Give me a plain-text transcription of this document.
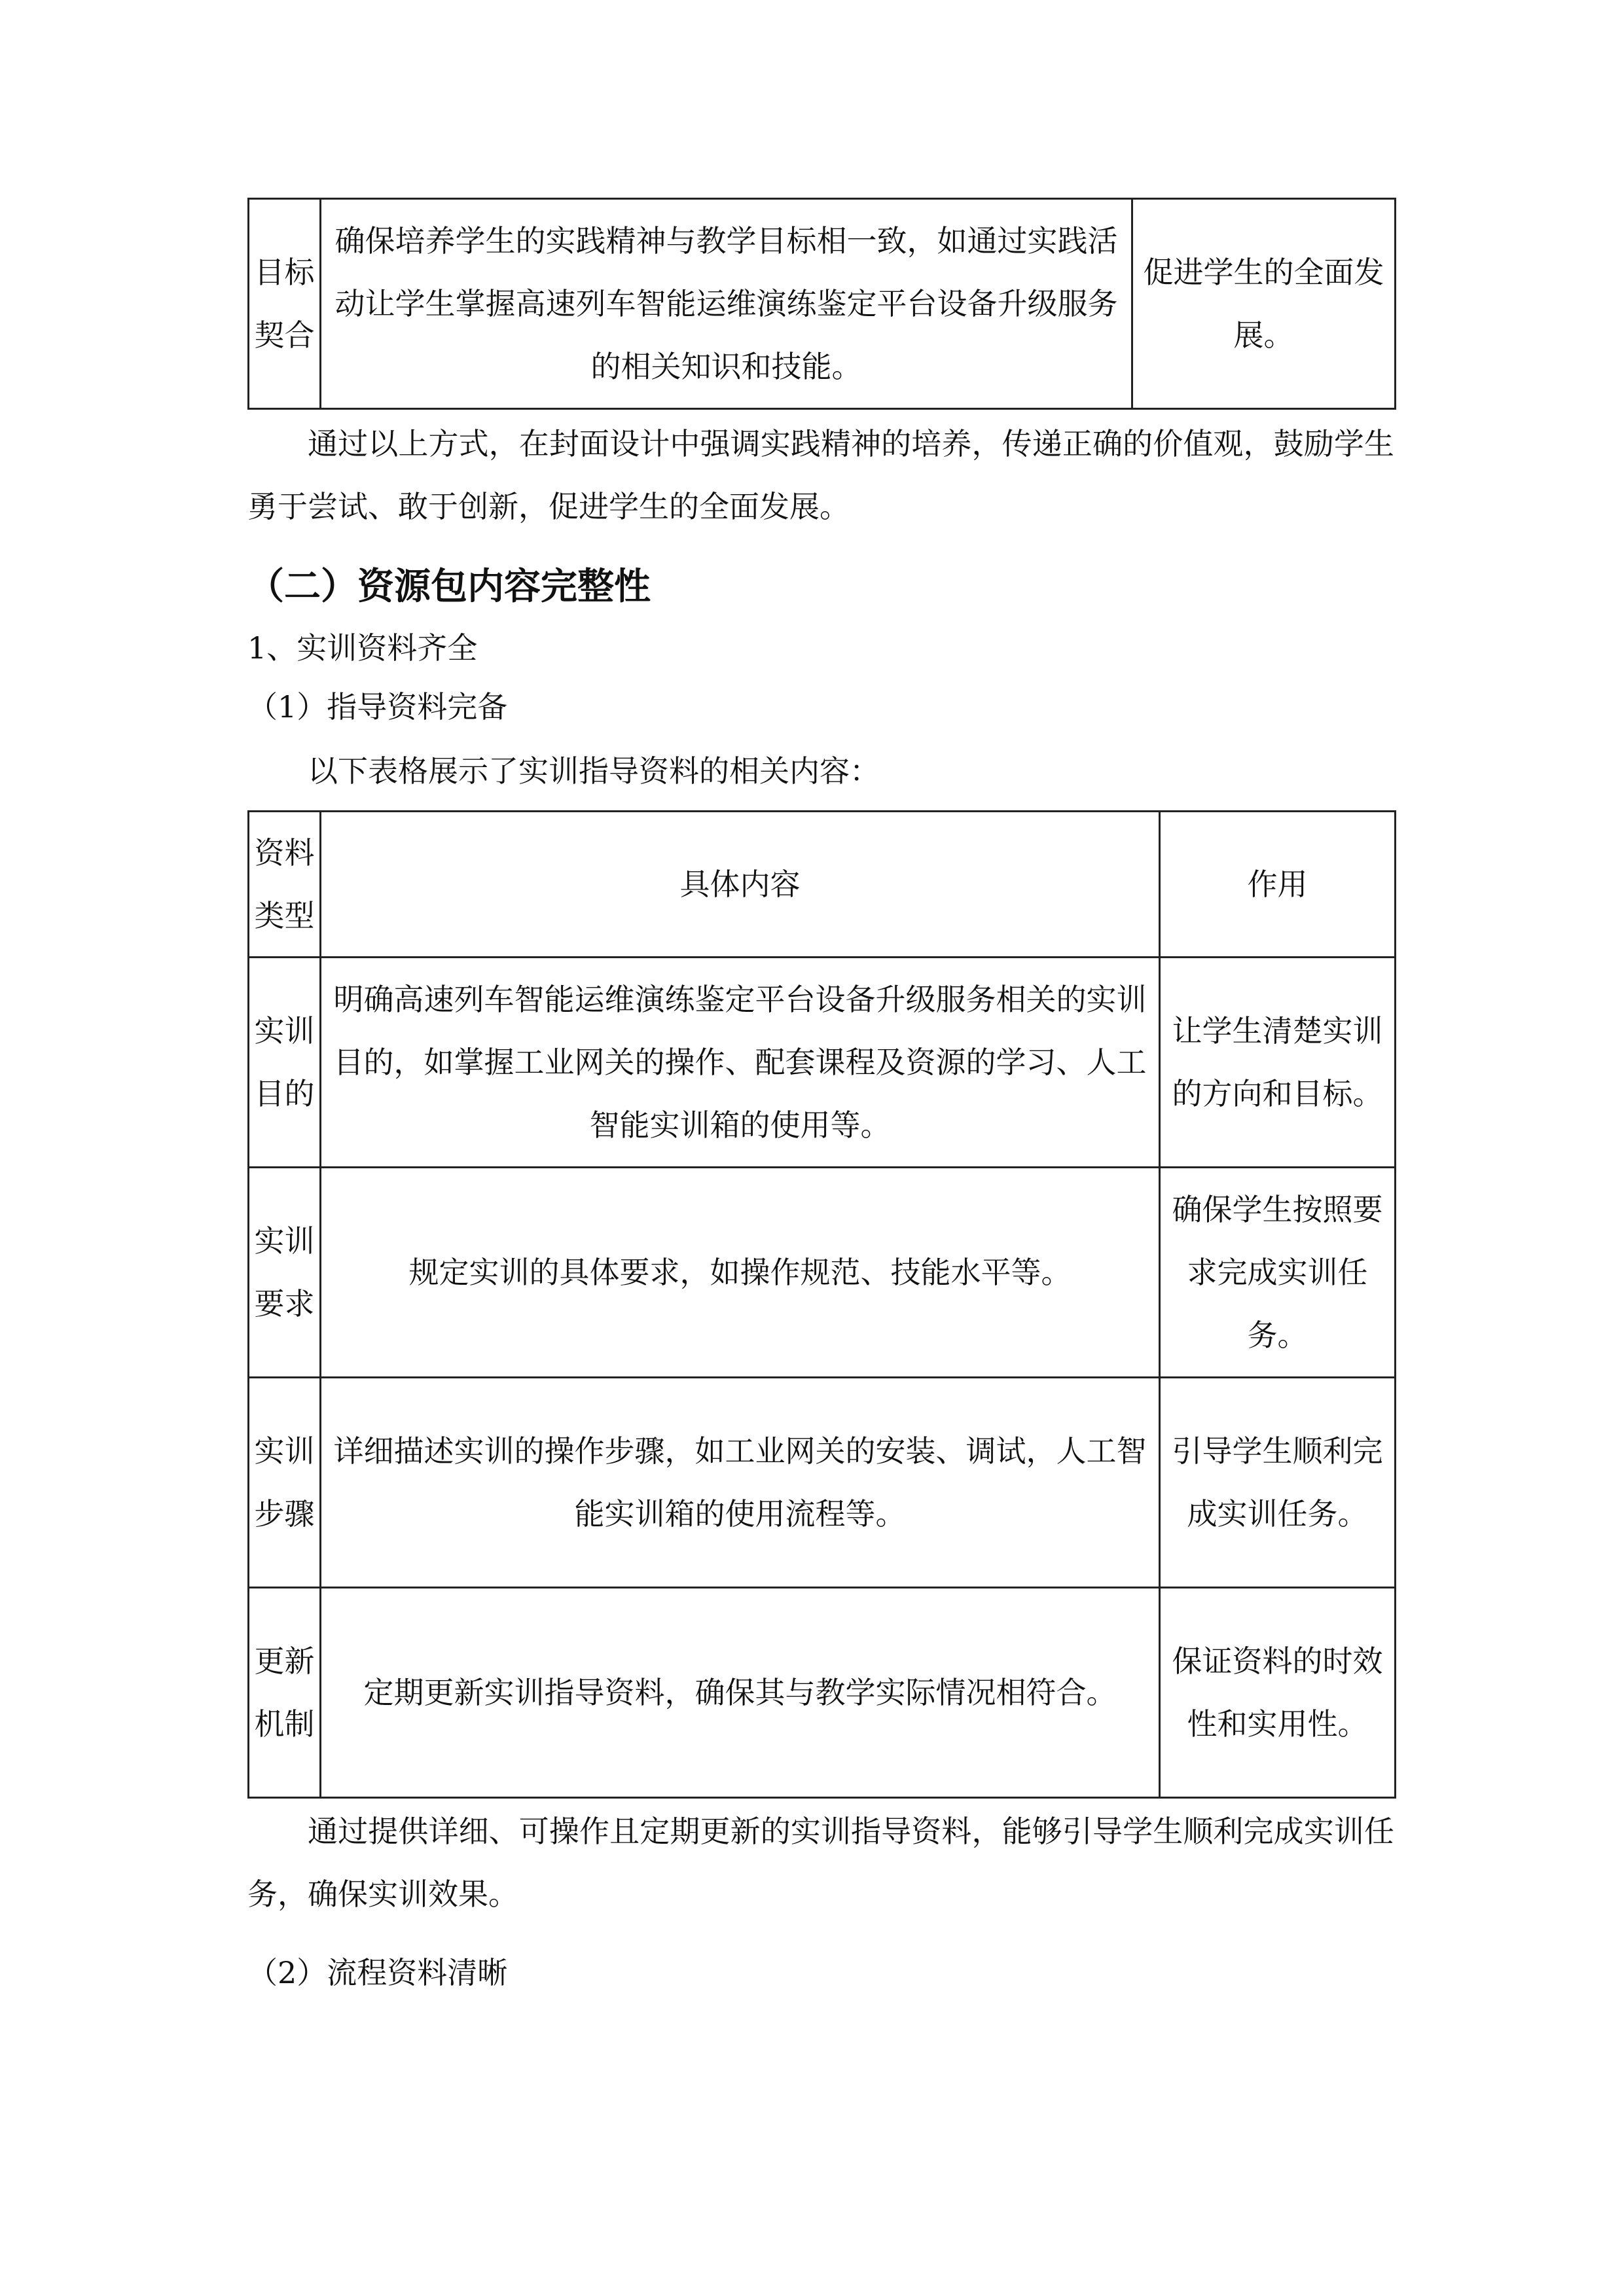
目标契合	确保培养学生的实践精神与教学目标相一致，如通过实践活动让学生掌握高速列车智能运维演练鉴定平台设备升级服务的相关知识和技能。	促进学生的全面发展。

通过以上方式，在封面设计中强调实践精神的培养，传递正确的价值观，鼓励学生勇于尝试、敢于创新，促进学生的全面发展。

（二）资源包内容完整性
1、实训资料齐全
（1）指导资料完备

以下表格展示了实训指导资料的相关内容：

资料类型	具体内容	作用
实训目的	明确高速列车智能运维演练鉴定平台设备升级服务相关的实训目的，如掌握工业网关的操作、配套课程及资源的学习、人工智能实训箱的使用等。	让学生清楚实训的方向和目标。
实训要求	规定实训的具体要求，如操作规范、技能水平等。	确保学生按照要求完成实训任务。
实训步骤	详细描述实训的操作步骤，如工业网关的安装、调试，人工智能实训箱的使用流程等。	引导学生顺利完成实训任务。
更新机制	定期更新实训指导资料，确保其与教学实际情况相符合。	保证资料的时效性和实用性。

通过提供详细、可操作且定期更新的实训指导资料，能够引导学生顺利完成实训任务，确保实训效果。

（2）流程资料清晰
